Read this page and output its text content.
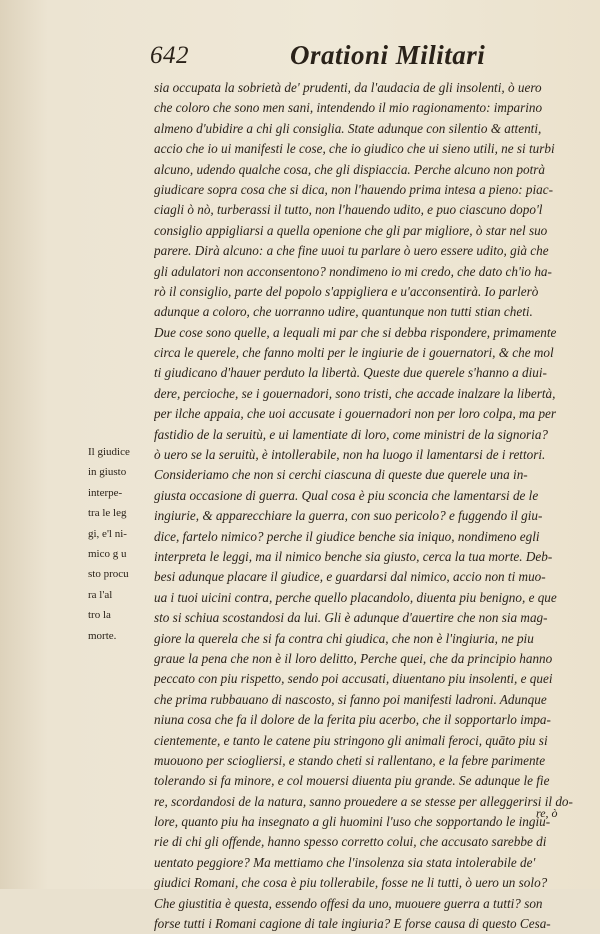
642	Orationi Militari
Il giudice
in giusto
interpe-
tra le leg
gi, e'l ni-
mico g u
sto procu
ra l'al
tro la
morte.
sia occupata la sobrietà de' prudenti, da l'audacia de gli insolenti, ò uero
che coloro che sono men sani, intendendo il mio ragionamento: imparino
almeno d'ubidire a chi gli consiglia. State adunque con silentio & attenti,
accio che io ui manifesti le cose, che io giudico che ui sieno utili, ne si turbi
alcuno, udendo qualche cosa, che gli dispiaccia. Perche alcuno non potrà
giudicare sopra cosa che si dica, non l'hauendo prima intesa a pieno: piac-
ciagli ò nò, turberassi il tutto, non l'hauendo udito, e puo ciascuno dopo'l
consiglio appigliarsi a quella openione che gli par migliore, ò star nel suo
parere. Dirà alcuno: a che fine uuoi tu parlare ò uero essere udito, già che
gli adulatori non acconsentono? nondimeno io mi credo, che dato ch'io ha-
rò il consiglio, parte del popolo s'appigliera e u'acconsentirà. Io parlerò
adunque a coloro, che uorranno udire, quantunque non tutti stian cheti.
Due cose sono quelle, a lequali mi par che si debba rispondere, primamente
circa le querele, che fanno molti per le ingiurie de i gouernatori, & che mol
ti giudicano d'hauer perduto la libertà. Queste due querele s'hanno a diui-
dere, percioche, se i gouernadori, sono tristi, che accade inalzare la libertà,
per ilche appaia, che uoi accusate i gouernadori non per loro colpa, ma per
fastidio de la seruitù, e ui lamentiate di loro, come ministri de la signoria?
ò uero se la seruitù, è intollerabile, non ha luogo il lamentarsi de i rettori.
Consideriamo che non si cerchi ciascuna di queste due querele una in-
giusta occasione di guerra. Qual cosa è piu sconcia che lamentarsi de le
ingiurie, & apparecchiare la guerra, con suo pericolo? e fuggendo il giu-
dice, fartelo nimico? perche il giudice benche sia iniquo, nondimeno egli
interpreta le leggi, ma il nimico benche sia giusto, cerca la tua morte. Deb-
besi adunque placare il giudice, e guardarsi dal nimico, accio non ti muo-
ua i tuoi uicini contra, perche quello placandolo, diuenta piu benigno, e que
sto si schiua scostandosi da lui. Gli è adunque d'auertire che non sia mag-
giore la querela che si fa contra chi giudica, che non è l'ingiuria, ne piu
graue la pena che non è il loro delitto, Perche quei, che da principio hanno
peccato con piu rispetto, sendo poi accusati, diuentano piu insolenti, e quei
che prima rubbauano di nascosto, si fanno poi manifesti ladroni. Adunque
niuna cosa che fa il dolore de la ferita piu acerbo, che il sopportarlo impa-
cientemente, e tanto le catene piu stringono gli animali feroci, quāto piu si
muouono per sciogliersi, e stando cheti si rallentano, e la febre parimente
tolerando si fa minore, e col mouersi diuenta piu grande. Se adunque le fie
re, scordandosi de la natura, sanno prouedere a se stesse per alleggerirsi il do-
lore, quanto piu ha insegnato a gli huomini l'uso che sopportando le ingiu-
rie di chi gli offende, hanno spesso corretto colui, che accusato sarebbe di
uentato peggiore? Ma mettiamo che l'insolenza sia stata intolerabile de'
giudici Romani, che cosa è piu tollerabile, fosse ne li tutti, ò uero un solo?
Che giustitia è questa, essendo offesi da uno, muouere guerra a tutti? son
forse tutti i Romani cagione di tale ingiuria? E forse causa di questo Cesa-
re, ò
